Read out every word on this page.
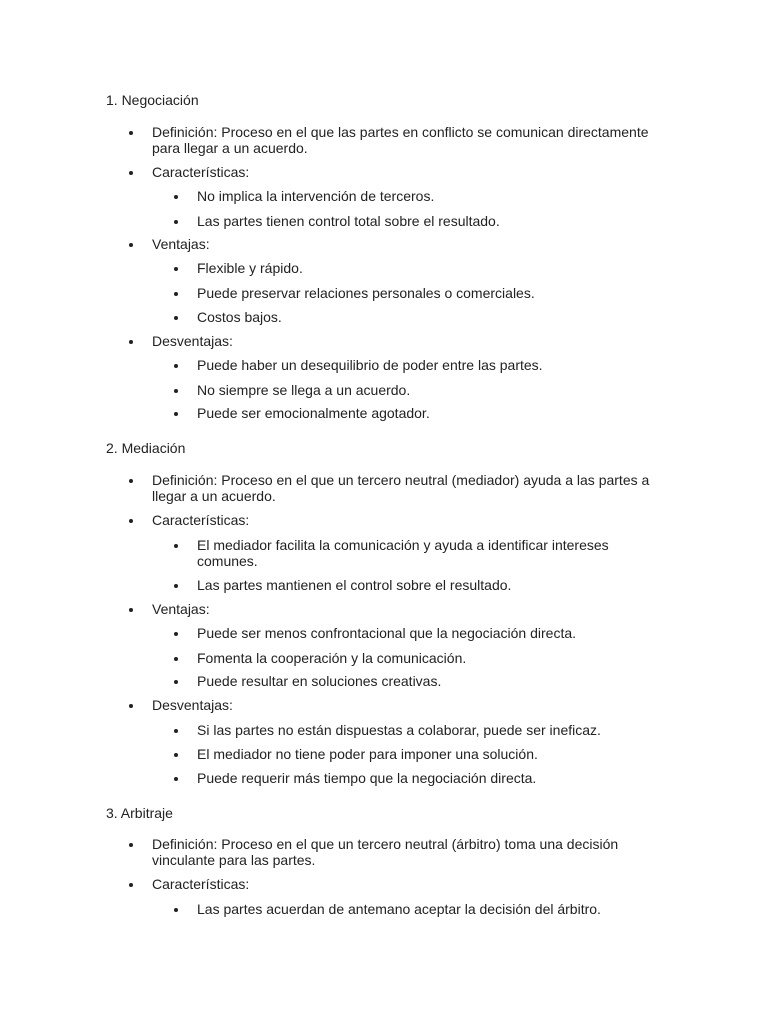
1. Negociación

Definición: Proceso en el que las partes en conflicto se comunican directamente para llegar a un acuerdo.
Características:
No implica la intervención de terceros.
Las partes tienen control total sobre el resultado.
Ventajas:
Flexible y rápido.
Puede preservar relaciones personales o comerciales.
Costos bajos.
Desventajas:
Puede haber un desequilibrio de poder entre las partes.
No siempre se llega a un acuerdo.
Puede ser emocionalmente agotador.

2. Mediación

Definición: Proceso en el que un tercero neutral (mediador) ayuda a las partes a llegar a un acuerdo.
Características:
El mediador facilita la comunicación y ayuda a identificar intereses comunes.
Las partes mantienen el control sobre el resultado.
Ventajas:
Puede ser menos confrontacional que la negociación directa.
Fomenta la cooperación y la comunicación.
Puede resultar en soluciones creativas.
Desventajas:
Si las partes no están dispuestas a colaborar, puede ser ineficaz.
El mediador no tiene poder para imponer una solución.
Puede requerir más tiempo que la negociación directa.

3. Arbitraje

Definición: Proceso en el que un tercero neutral (árbitro) toma una decisión vinculante para las partes.
Características:
Las partes acuerdan de antemano aceptar la decisión del árbitro.
